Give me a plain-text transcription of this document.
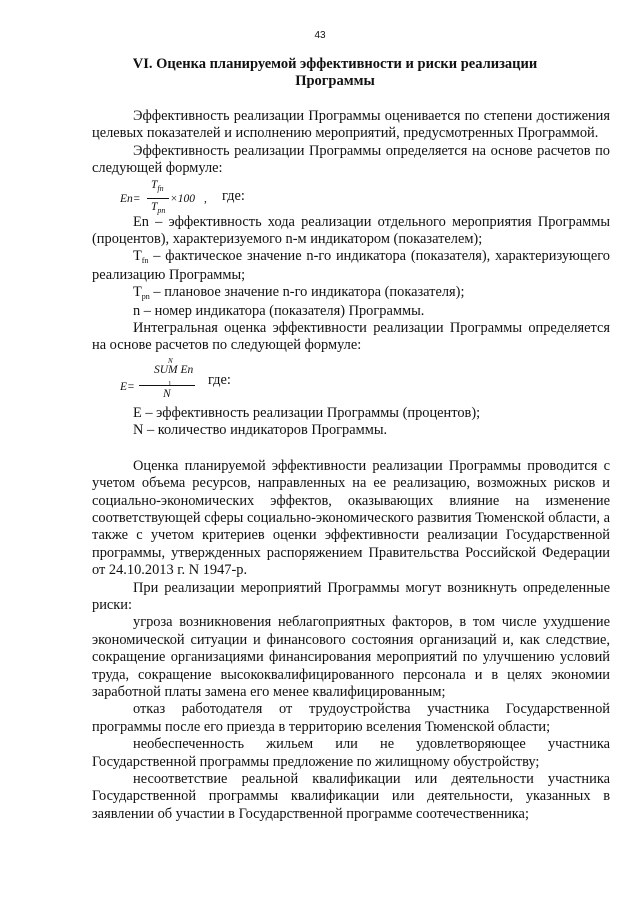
43
VI. Оценка планируемой эффективности и риски реализации
Программы

Эффективность реализации Программы оценивается по степени достижения целевых показателей и исполнению мероприятий, предусмотренных Программой.

Эффективность реализации Программы определяется на основе расчетов по следующей формуле:

En=
$T_{fn}$
$T_{pn}$
×100 , где:

En – эффективность хода реализации отдельного мероприятия Программы (процентов), характеризуемого n-м индикатором (показателем);

$T_{fn}$ – фактическое значение n-го индикатора (показателя), характеризующего реализацию Программы;

$T_{pn}$ – плановое значение n-го индикатора (показателя);

n – номер индикатора (показателя) Программы.

Интегральная оценка эффективности реализации Программы определяется на основе расчетов по следующей формуле:

N
SUM En
1
E=
N
где:

E – эффективность реализации Программы (процентов);

N – количество индикаторов Программы.

Оценка планируемой эффективности реализации Программы проводится с учетом объема ресурсов, направленных на ее реализацию, возможных рисков и социально-экономических эффектов, оказывающих влияние на изменение соответствующей сферы социально-экономического развития Тюменской области, а также с учетом критериев оценки эффективности реализации Государственной программы, утвержденных распоряжением Правительства Российской Федерации от 24.10.2013 г. N 1947-р.

При реализации мероприятий Программы могут возникнуть определенные риски:

угроза возникновения неблагоприятных факторов, в том числе ухудшение экономической ситуации и финансового состояния организаций и, как следствие, сокращение организациями финансирования мероприятий по улучшению условий труда, сокращение высококвалифицированного персонала и в целях экономии заработной платы замена его менее квалифицированным;

отказ работодателя от трудоустройства участника Государственной программы после его приезда в территорию вселения Тюменской области;

необеспеченность жильем или не удовлетворяющее участника Государственной программы предложение по жилищному обустройству;

несоответствие реальной квалификации или деятельности участника Государственной программы квалификации или деятельности, указанных в заявлении об участии в Государственной программе соотечественника;
